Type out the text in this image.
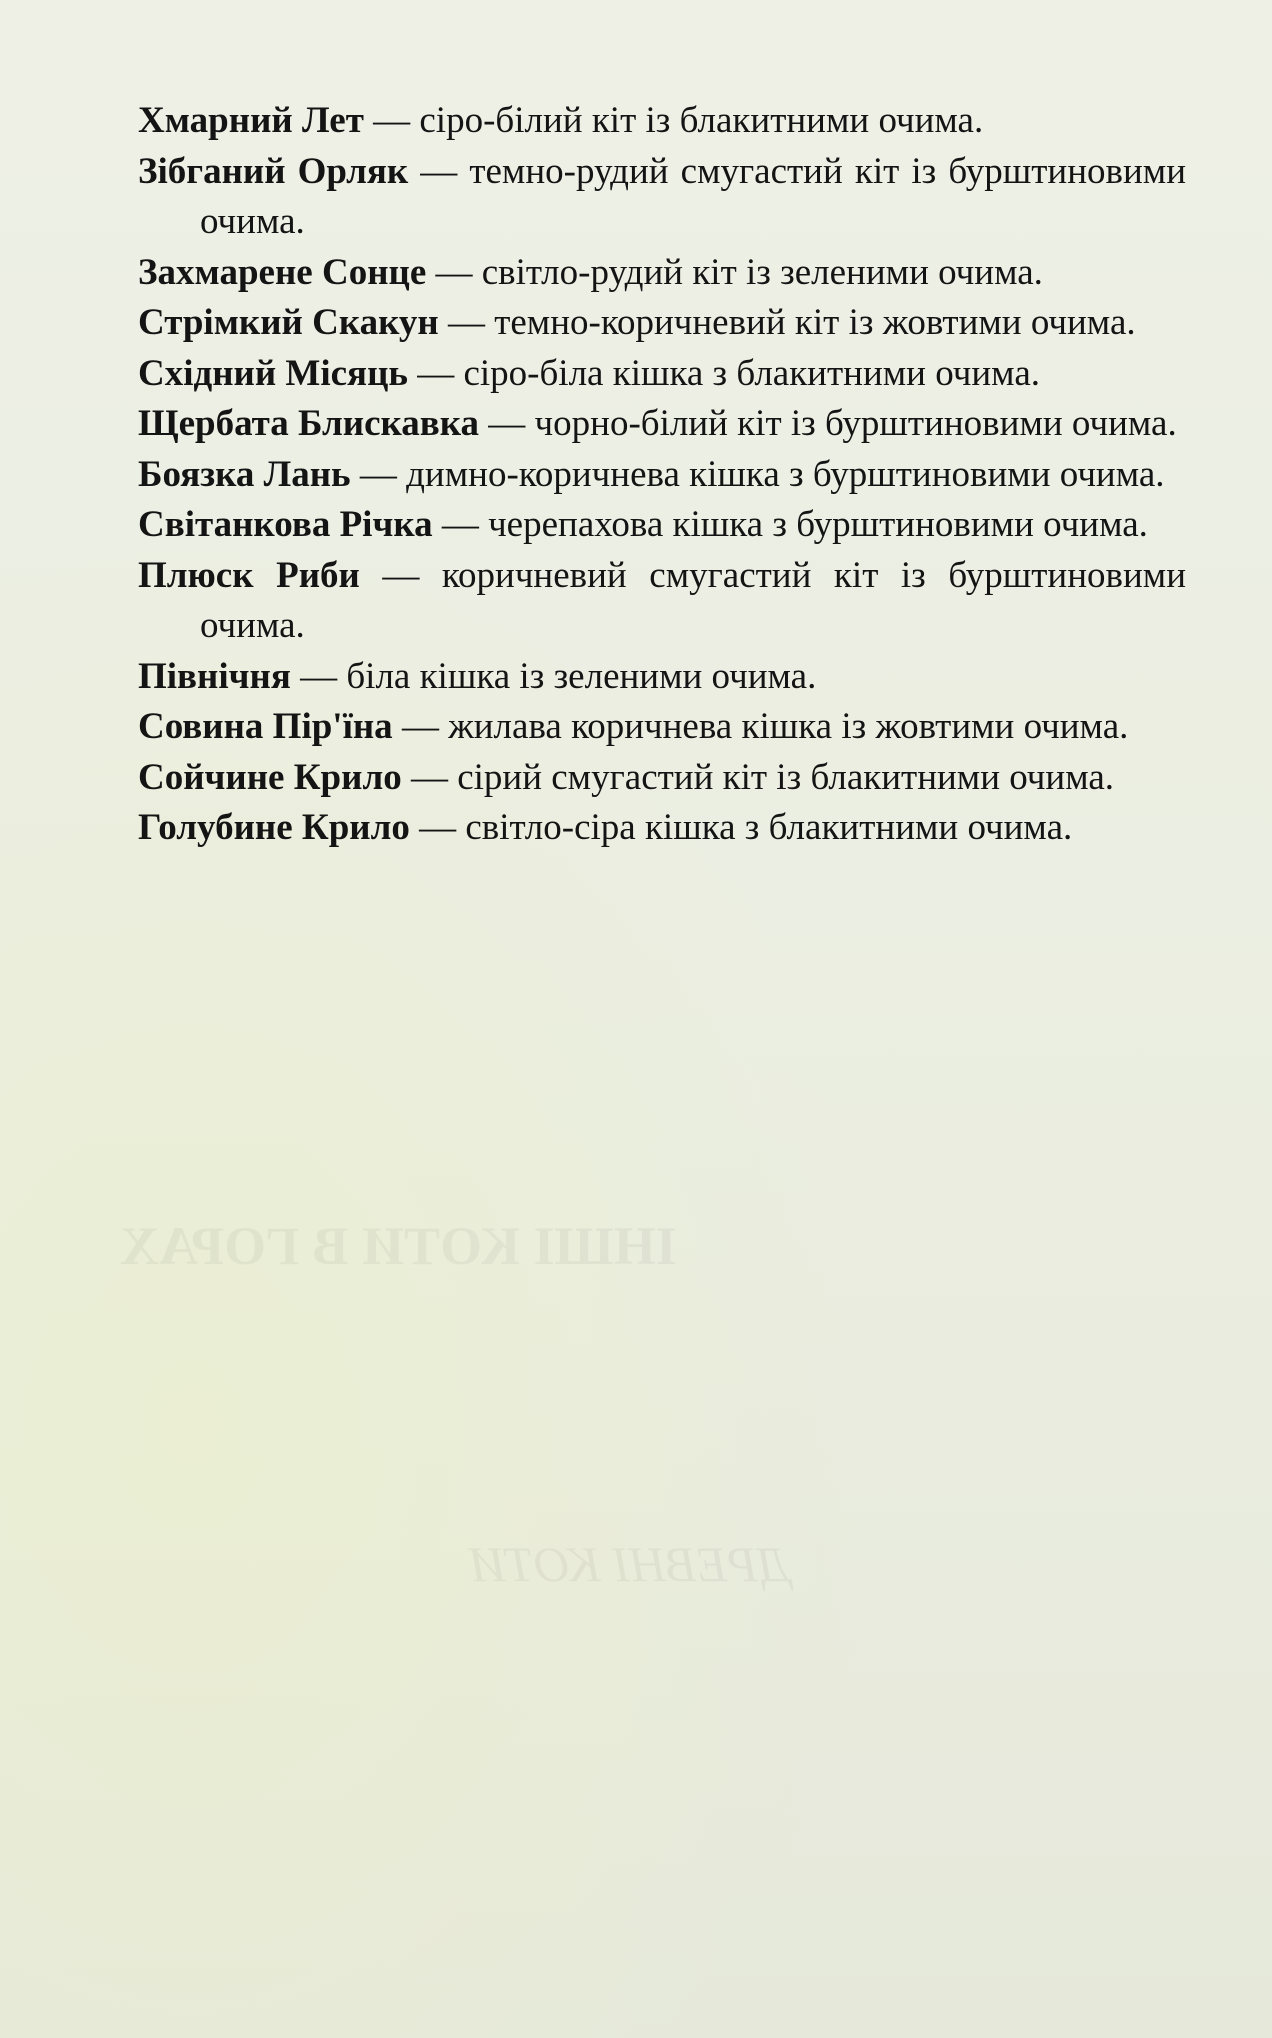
Хмарний Лет — сіро-білий кіт із блакитними очима.

Зібганий Орляк — темно-рудий смугастий кіт із бурштиновими очима.

Захмарене Сонце — світло-рудий кіт із зеленими очима.

Стрімкий Скакун — темно-коричневий кіт із жовтими очима.

Східний Місяць — сіро-біла кішка з блакитними очима.

Щербата Блискавка — чорно-білий кіт із бурштиновими очима.

Боязка Лань — димно-коричнева кішка з бурштиновими очима.

Світанкова Річка — черепахова кішка з бурштиновими очима.

Плюск Риби — коричневий смугастий кіт із бурштиновими очима.

Північня — біла кішка із зеленими очима.

Совина Пір'їна — жилава коричнева кішка із жовтими очима.

Сойчине Крило — сірий смугастий кіт із блакитними очима.

Голубине Крило — світло-сіра кішка з блакитними очима.
